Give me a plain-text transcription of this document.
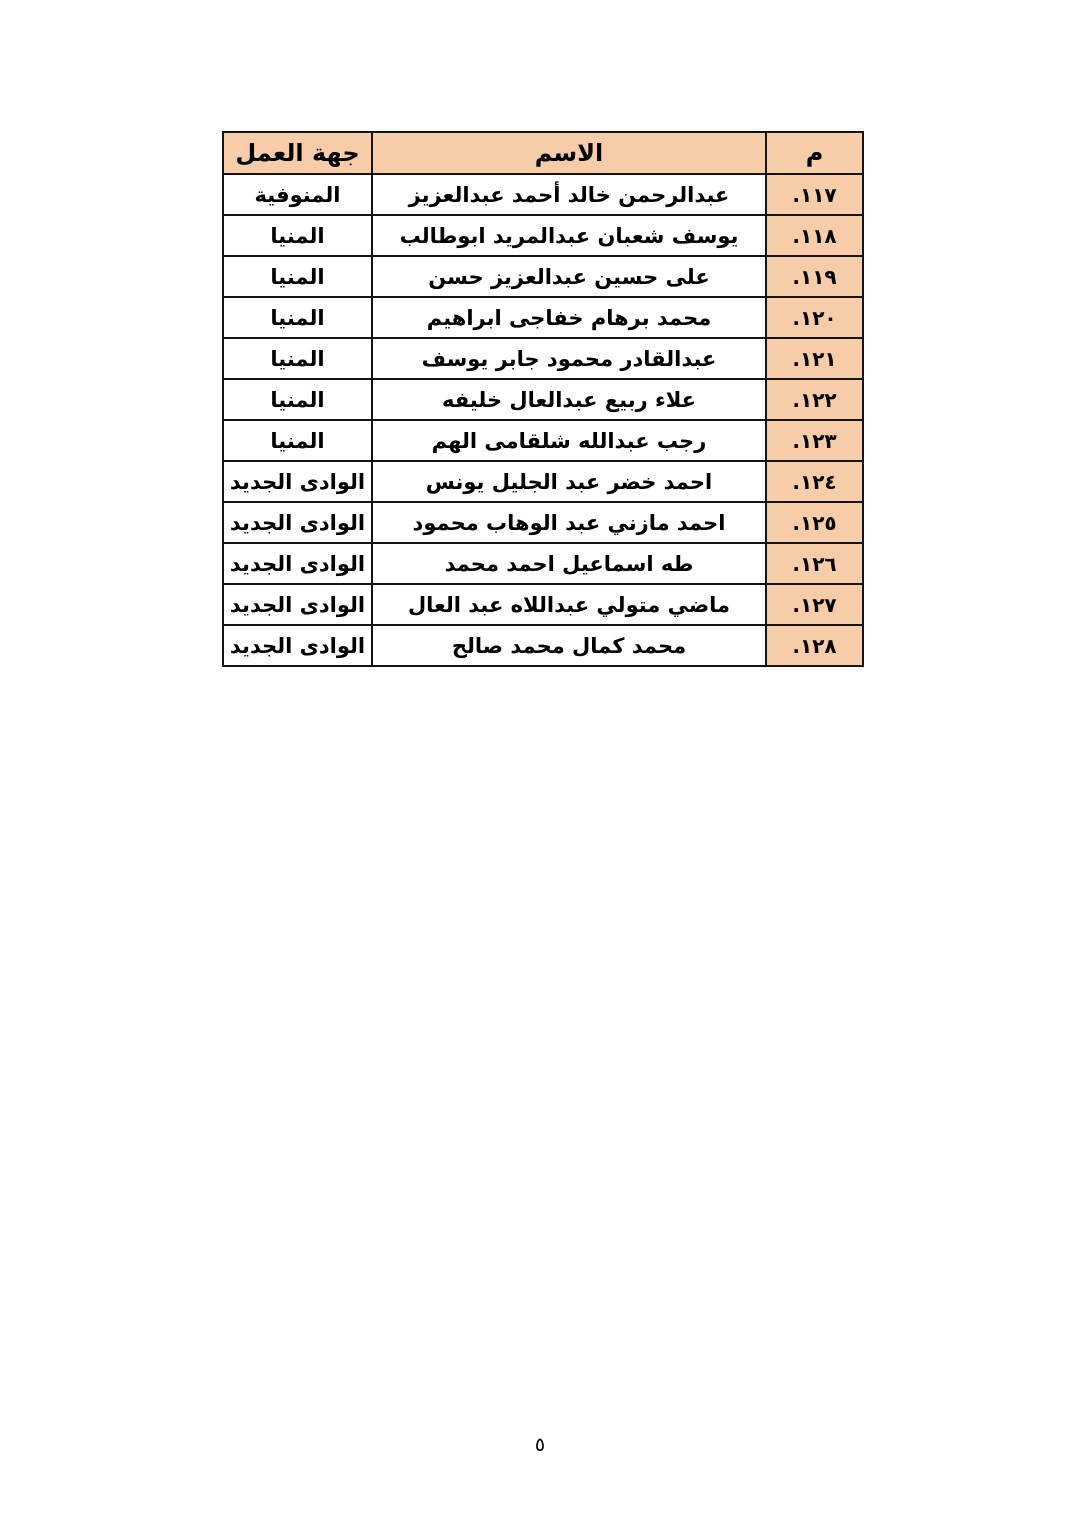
م	الاسم	جهة العمل
١١٧.	عبدالرحمن خالد أحمد عبدالعزيز	المنوفية
١١٨.	يوسف شعبان عبدالمريد ابوطالب	المنيا
١١٩.	على حسين عبدالعزيز حسن	المنيا
١٢٠.	محمد برهام خفاجى ابراهيم	المنيا
١٢١.	عبدالقادر محمود جابر يوسف	المنيا
١٢٢.	علاء ربيع عبدالعال خليفه	المنيا
١٢٣.	رجب عبدالله شلقامى الهم	المنيا
١٢٤.	احمد خضر عبد الجليل يونس	الوادى الجديد
١٢٥.	احمد مازني عبد الوهاب محمود	الوادى الجديد
١٢٦.	طه اسماعيل احمد محمد	الوادى الجديد
١٢٧.	ماضي متولي عبداللاه عبد العال	الوادى الجديد
١٢٨.	محمد كمال محمد صالح	الوادى الجديد
٥
